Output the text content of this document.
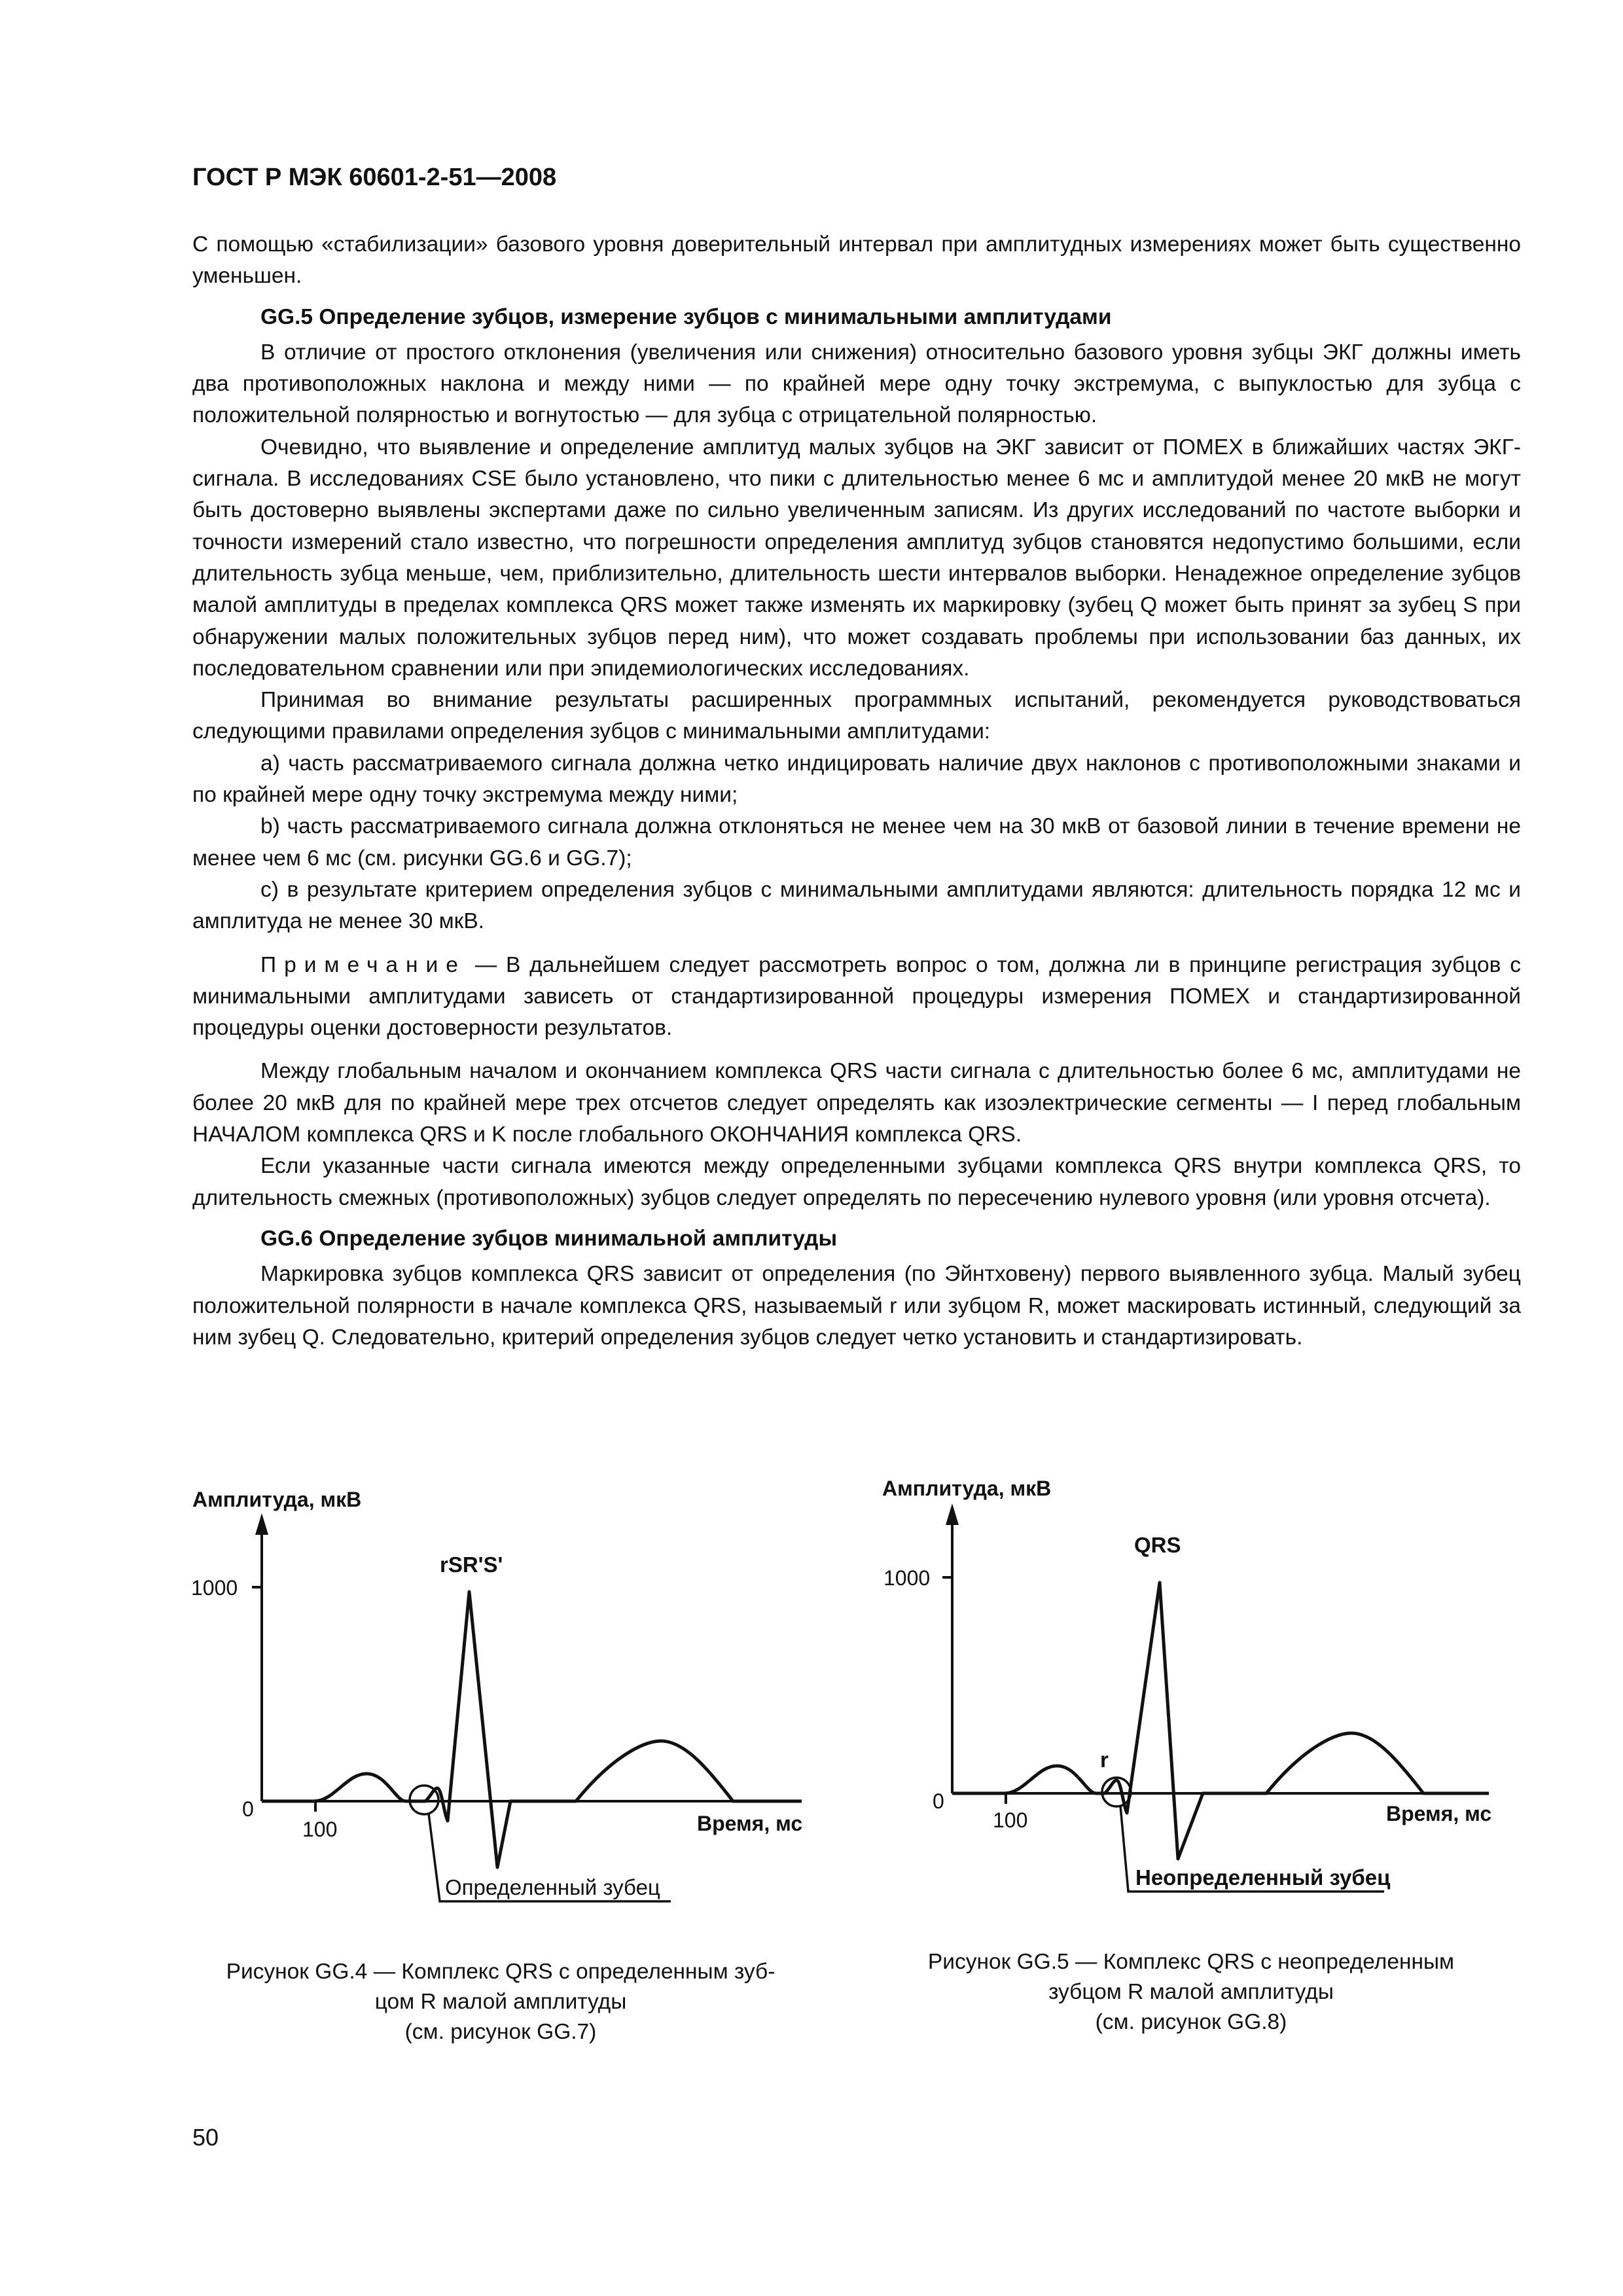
ГОСТ Р МЭК 60601-2-51—2008

С помощью «стабилизации» базового уровня доверительный интервал при амплитудных измерениях может быть существенно уменьшен.

GG.5 Определение зубцов, измерение зубцов с минимальными амплитудами

В отличие от простого отклонения (увеличения или снижения) относительно базового уровня зубцы ЭКГ должны иметь два противоположных наклона и между ними — по крайней мере одну точку экстремума, с выпуклостью для зубца с положительной полярностью и вогнутостью — для зубца с отрицательной полярностью.

Очевидно, что выявление и определение амплитуд малых зубцов на ЭКГ зависит от ПОМЕХ в ближайших частях ЭКГ-сигнала. В исследованиях CSE было установлено, что пики с длительностью менее 6 мс и амплитудой менее 20 мкВ не могут быть достоверно выявлены экспертами даже по сильно увеличенным записям. Из других исследований по частоте выборки и точности измерений стало известно, что погрешности определения амплитуд зубцов становятся недопустимо большими, если длительность зубца меньше, чем, приблизительно, длительность шести интервалов выборки. Ненадежное определение зубцов малой амплитуды в пределах комплекса QRS может также изменять их маркировку (зубец Q может быть принят за зубец S при обнаружении малых положительных зубцов перед ним), что может создавать проблемы при использовании баз данных, их последовательном сравнении или при эпидемиологических исследованиях.

Принимая во внимание результаты расширенных программных испытаний, рекомендуется руководствоваться следующими правилами определения зубцов с минимальными амплитудами:

a) часть рассматриваемого сигнала должна четко индицировать наличие двух наклонов с противоположными знаками и по крайней мере одну точку экстремума между ними;

b) часть рассматриваемого сигнала должна отклоняться не менее чем на 30 мкВ от базовой линии в течение времени не менее чем 6 мс (см. рисунки GG.6 и GG.7);

c) в результате критерием определения зубцов с минимальными амплитудами являются: длительность порядка 12 мс и амплитуда не менее 30 мкВ.

Примечание — В дальнейшем следует рассмотреть вопрос о том, должна ли в принципе регистрация зубцов с минимальными амплитудами зависеть от стандартизированной процедуры измерения ПОМЕХ и стандартизированной процедуры оценки достоверности результатов.

Между глобальным началом и окончанием комплекса QRS части сигнала с длительностью более 6 мс, амплитудами не более 20 мкВ для по крайней мере трех отсчетов следует определять как изоэлектрические сегменты — I перед глобальным НАЧАЛОМ комплекса QRS и K после глобального ОКОНЧАНИЯ комплекса QRS.

Если указанные части сигнала имеются между определенными зубцами комплекса QRS внутри комплекса QRS, то длительность смежных (противоположных) зубцов следует определять по пересечению нулевого уровня (или уровня отсчета).

GG.6 Определение зубцов минимальной амплитуды

Маркировка зубцов комплекса QRS зависит от определения (по Эйнтховену) первого выявленного зубца. Малый зубец положительной полярности в начале комплекса QRS, называемый r или зубцом R, может маскировать истинный, следующий за ним зубец Q. Следовательно, критерий определения зубцов следует четко установить и стандартизировать.

Амплитуда, мкВ
1000
0
100	Время, мс
rSR'S'
Определенный зубец
Рисунок GG.4 — Комплекс QRS с определенным зуб-
цом R малой амплитуды
(см. рисунок GG.7)
Амплитуда, мкВ
1000
0
100	Время, мс
QRS
r
Неопределенный зубец
Рисунок GG.5 — Комплекс QRS с неопределенным
зубцом R малой амплитуды
(см. рисунок GG.8)
50
